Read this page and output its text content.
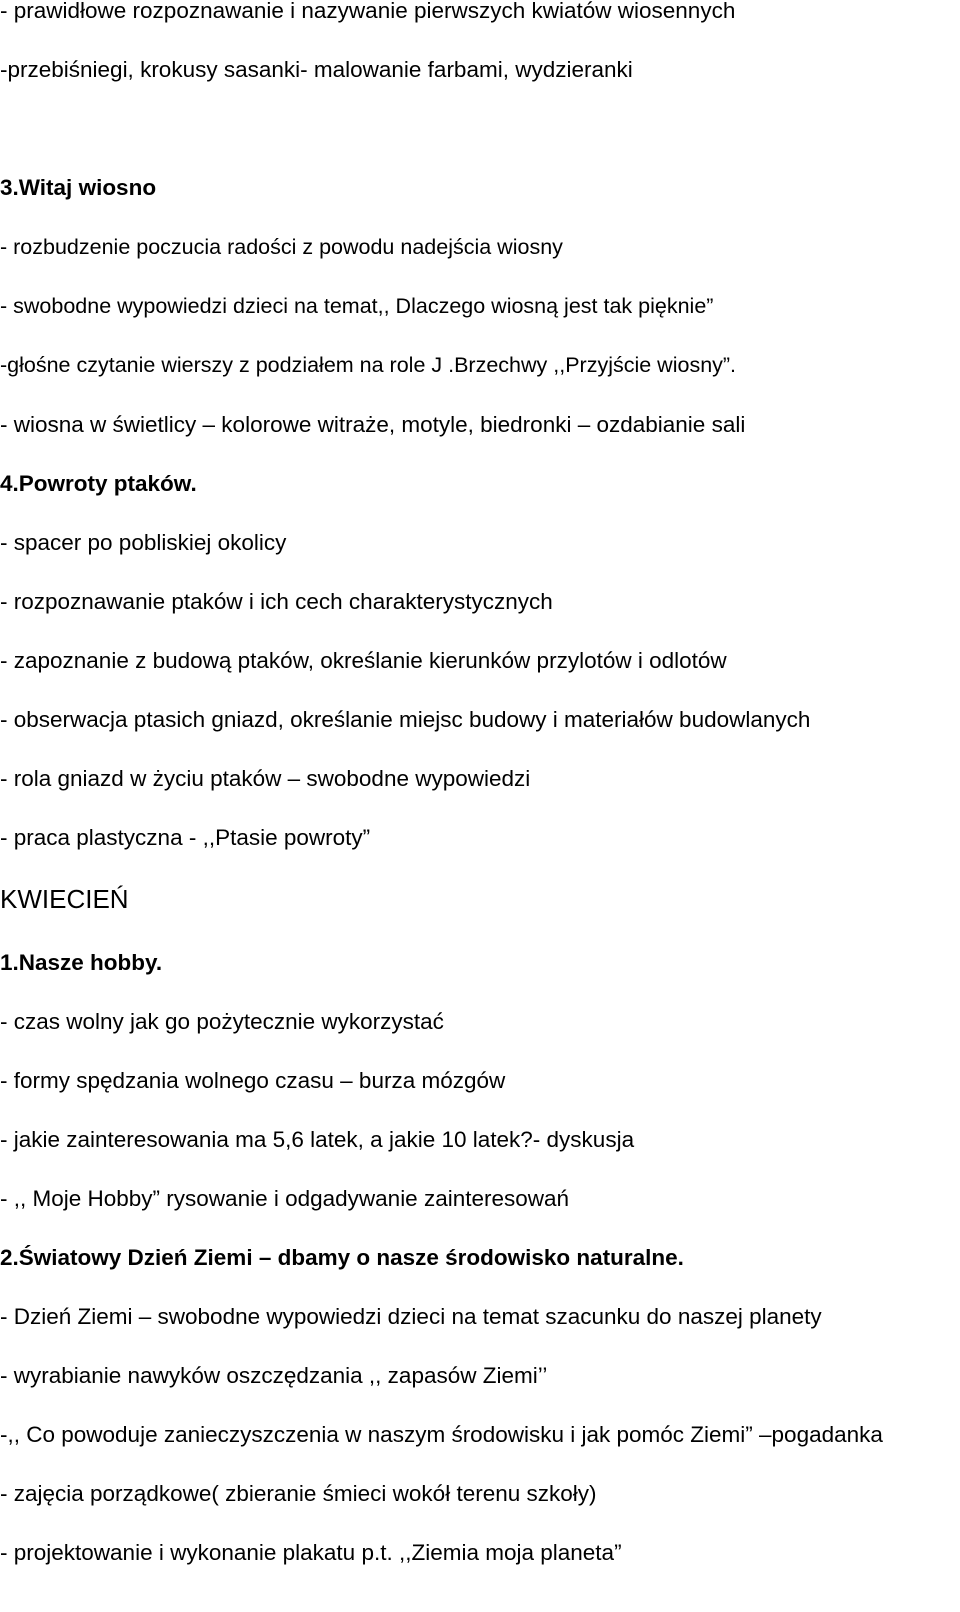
- prawidłowe rozpoznawanie i nazywanie pierwszych kwiatów wiosennych
-przebiśniegi, krokusy sasanki- malowanie farbami, wydzieranki
3.Witaj wiosno
- rozbudzenie poczucia radości z powodu nadejścia wiosny
- swobodne wypowiedzi dzieci na temat,, Dlaczego wiosną jest tak pięknie”
-głośne czytanie wierszy z podziałem na role J .Brzechwy ,,Przyjście wiosny”.
- wiosna w świetlicy – kolorowe witraże, motyle, biedronki – ozdabianie sali
4.Powroty ptaków.
- spacer po pobliskiej okolicy
- rozpoznawanie ptaków i ich cech charakterystycznych
- zapoznanie z budową ptaków, określanie kierunków przylotów i odlotów
- obserwacja ptasich gniazd, określanie miejsc budowy i materiałów budowlanych
- rola gniazd w życiu ptaków – swobodne wypowiedzi
- praca plastyczna - ,,Ptasie powroty”
KWIECIEŃ
1.Nasze hobby.
- czas wolny jak go pożytecznie wykorzystać
- formy spędzania wolnego czasu – burza mózgów
- jakie zainteresowania ma 5,6 latek, a jakie 10 latek?- dyskusja
- ,, Moje Hobby” rysowanie i odgadywanie zainteresowań
2.Światowy Dzień Ziemi – dbamy o nasze środowisko naturalne.
- Dzień Ziemi – swobodne wypowiedzi dzieci na temat szacunku do naszej planety
- wyrabianie nawyków oszczędzania ,, zapasów Ziemi’’
-,, Co powoduje zanieczyszczenia w naszym środowisku i jak pomóc Ziemi” –pogadanka
- zajęcia porządkowe( zbieranie śmieci wokół terenu szkoły)
- projektowanie i wykonanie plakatu p.t. ,,Ziemia moja planeta”
